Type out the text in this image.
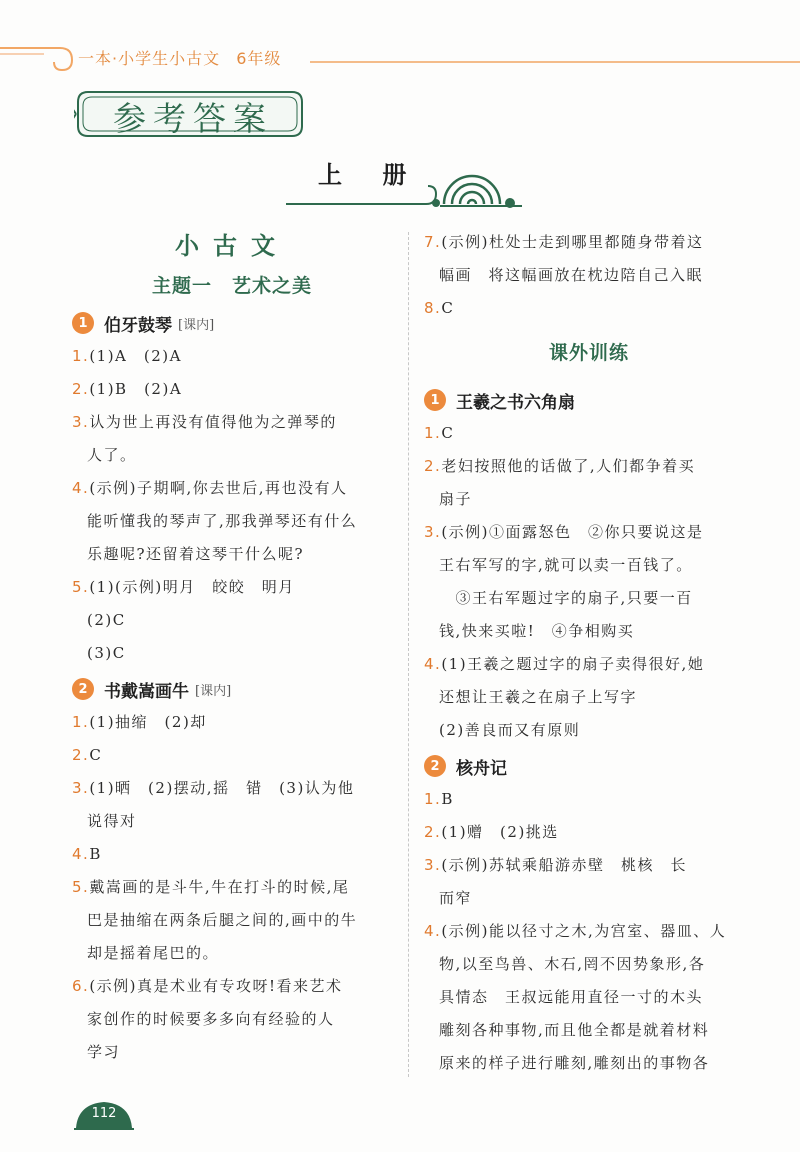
一本·小学生小古文 6年级
参考答案
上 册
小古文
主题一　艺术之美
1 伯牙鼓琴 [课内]
1.(1)A　(2)A
2.(1)B　(2)A
3.认为世上再没有值得他为之弹琴的
人了。
4.(示例)子期啊,你去世后,再也没有人
能听懂我的琴声了,那我弹琴还有什么
乐趣呢?还留着这琴干什么呢?
5.(1)(示例)明月　皎皎　明月
(2)C
(3)C
2 书戴嵩画牛 [课内]
1.(1)抽缩　(2)却
2.C
3.(1)晒　(2)摆动,摇　错　(3)认为他
说得对
4.B
5.戴嵩画的是斗牛,牛在打斗的时候,尾
巴是抽缩在两条后腿之间的,画中的牛
却是摇着尾巴的。
6.(示例)真是术业有专攻呀!看来艺术
家创作的时候要多多向有经验的人
学习
7.(示例)杜处士走到哪里都随身带着这
幅画　将这幅画放在枕边陪自己入眠
8.C
课外训练
1 王羲之书六角扇
1.C
2.老妇按照他的话做了,人们都争着买
扇子
3.(示例)①面露怒色　②你只要说这是
王右军写的字,就可以卖一百钱了。
　③王右军题过字的扇子,只要一百
钱,快来买啦!　④争相购买
4.(1)王羲之题过字的扇子卖得很好,她
还想让王羲之在扇子上写字
(2)善良而又有原则
2 核舟记
1.B
2.(1)赠　(2)挑选
3.(示例)苏轼乘船游赤壁　桃核　长
而窄
4.(示例)能以径寸之木,为宫室、器皿、人
物,以至鸟兽、木石,罔不因势象形,各
具情态　王叔远能用直径一寸的木头
雕刻各种事物,而且他全都是就着材料
原来的样子进行雕刻,雕刻出的事物各
112
